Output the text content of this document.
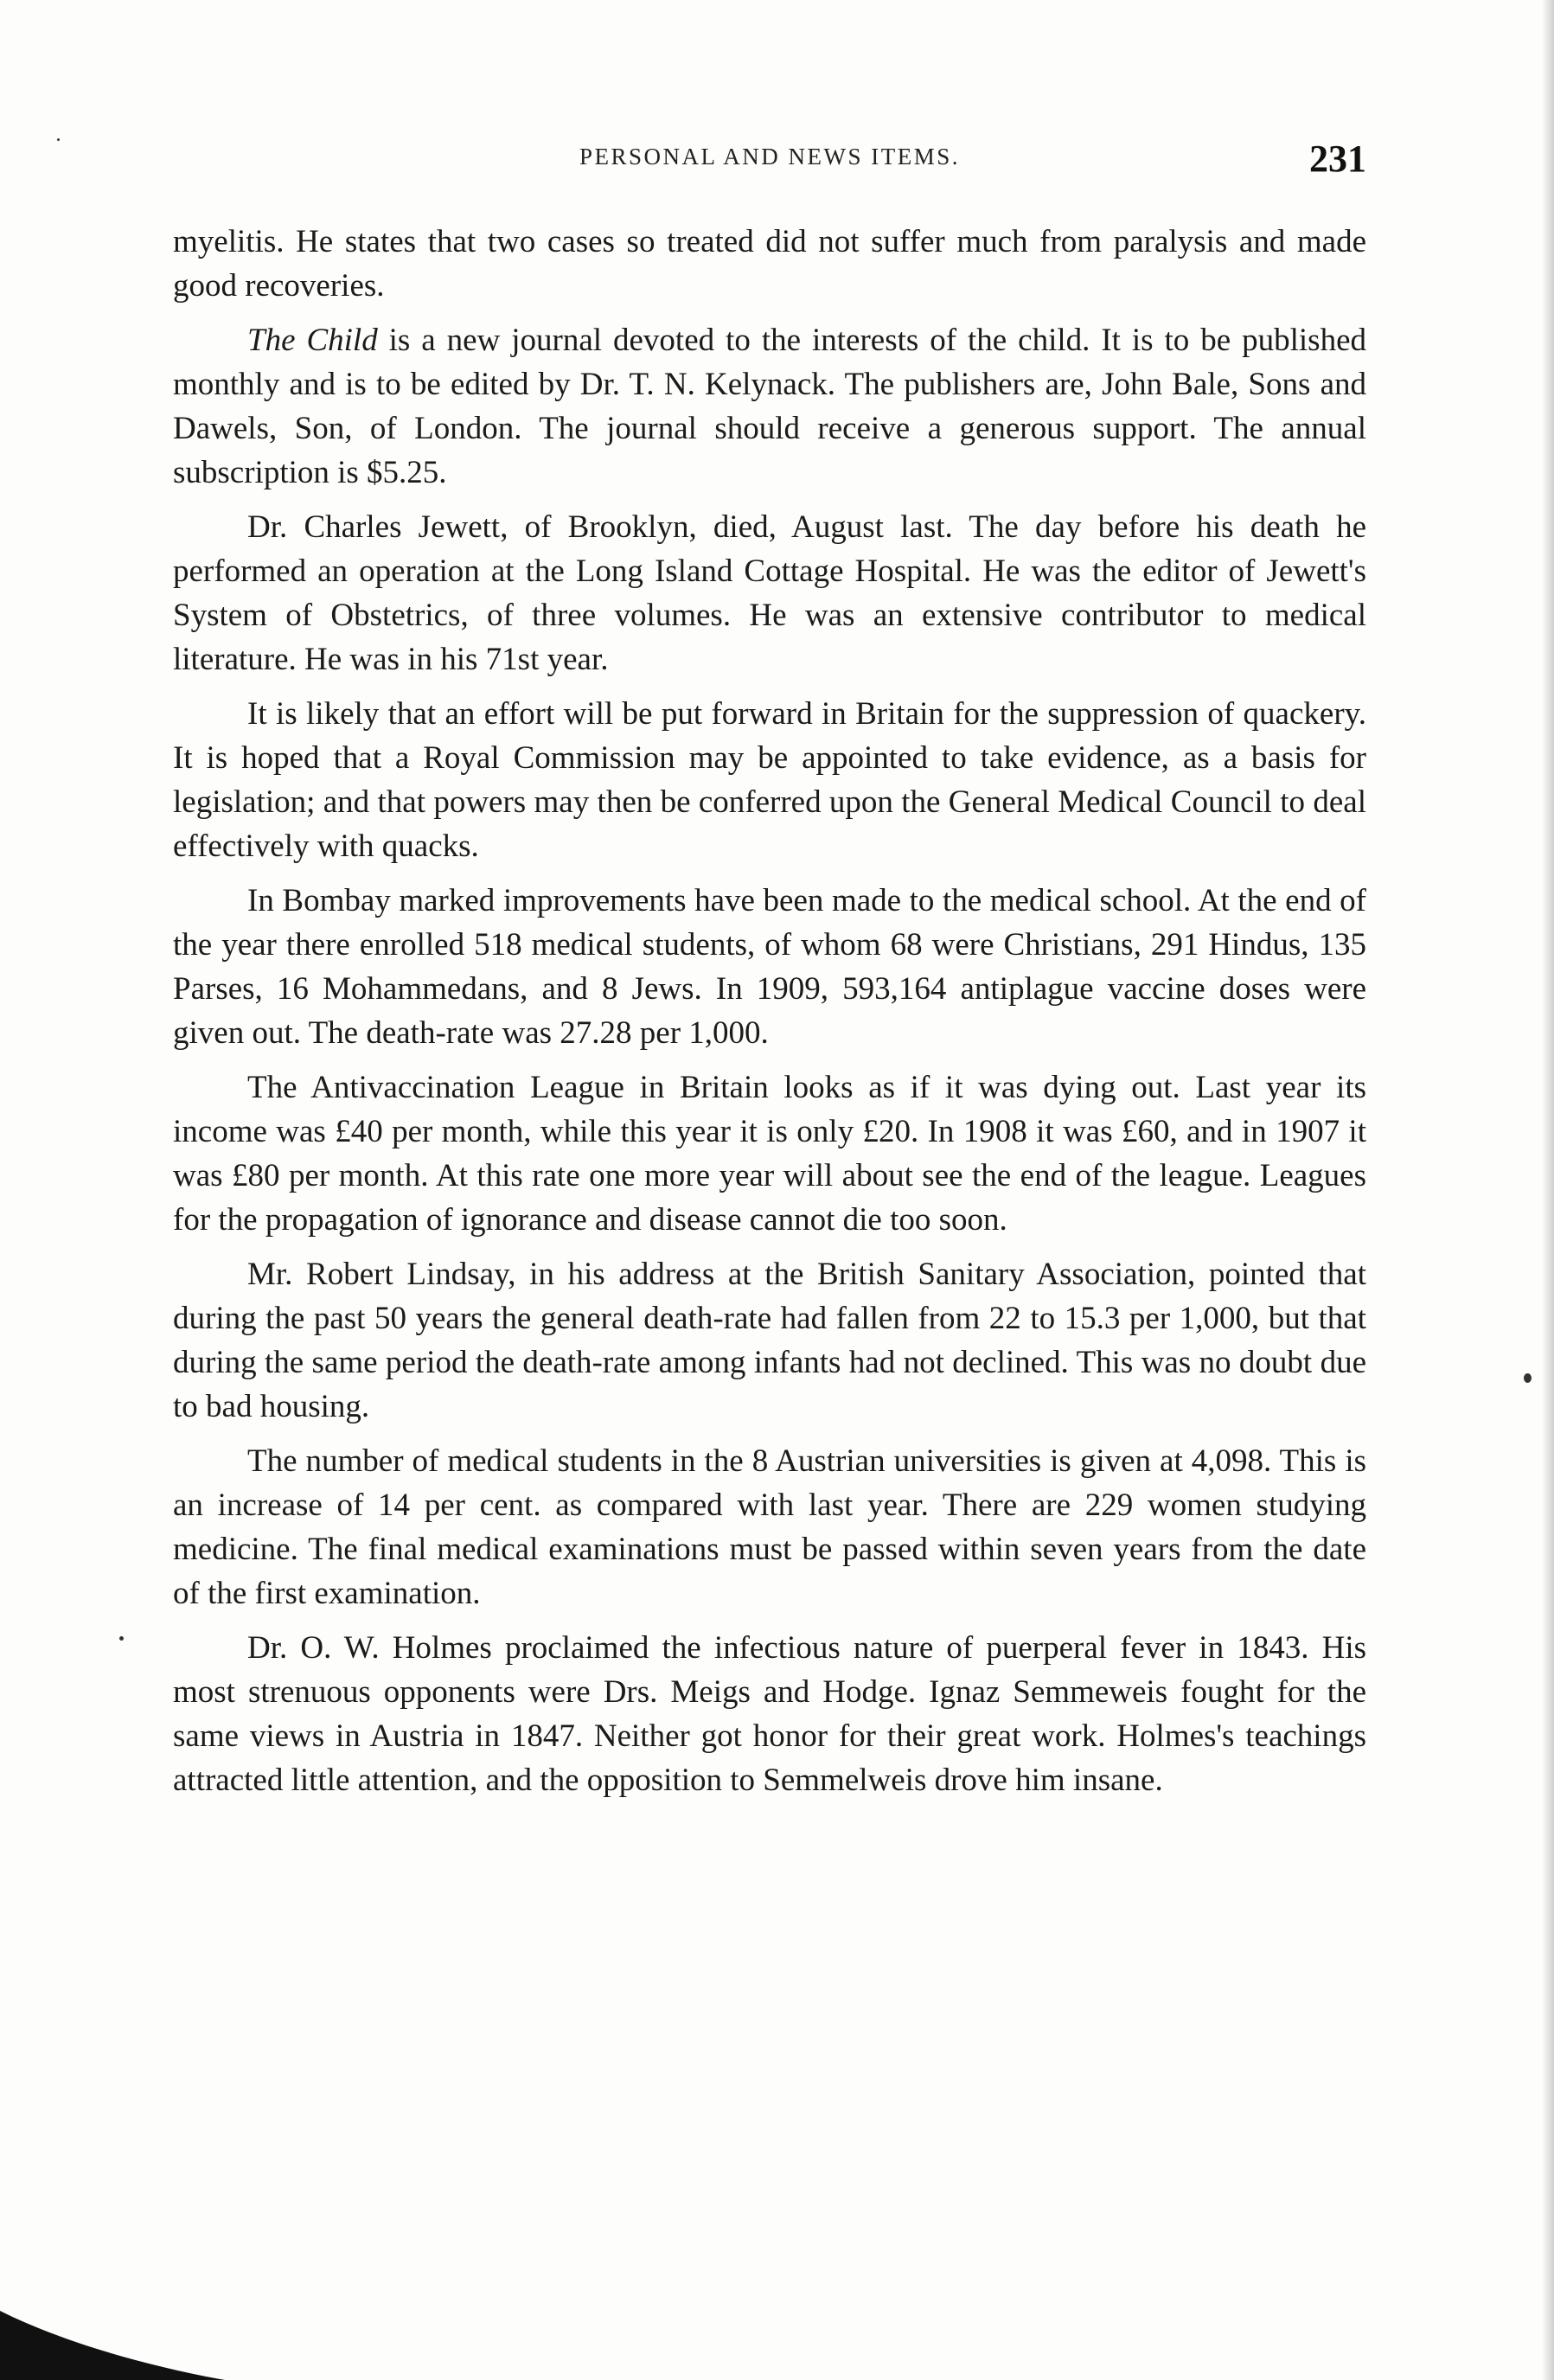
PERSONAL AND NEWS ITEMS.	231

myelitis. He states that two cases so treated did not suffer much from paralysis and made good recoveries.

The Child is a new journal devoted to the interests of the child. It is to be published monthly and is to be edited by Dr. T. N. Kelynack. The publishers are, John Bale, Sons and Dawels, Son, of London. The journal should receive a generous support. The annual subscription is $5.25.

Dr. Charles Jewett, of Brooklyn, died, August last. The day before his death he performed an operation at the Long Island Cottage Hospital. He was the editor of Jewett's System of Obstetrics, of three volumes. He was an extensive contributor to medical literature. He was in his 71st year.

It is likely that an effort will be put forward in Britain for the suppression of quackery. It is hoped that a Royal Commission may be appointed to take evidence, as a basis for legislation; and that powers may then be conferred upon the General Medical Council to deal effectively with quacks.

In Bombay marked improvements have been made to the medical school. At the end of the year there enrolled 518 medical students, of whom 68 were Christians, 291 Hindus, 135 Parses, 16 Mohammedans, and 8 Jews. In 1909, 593,164 antiplague vaccine doses were given out. The death-rate was 27.28 per 1,000.

The Antivaccination League in Britain looks as if it was dying out. Last year its income was £40 per month, while this year it is only £20. In 1908 it was £60, and in 1907 it was £80 per month. At this rate one more year will about see the end of the league. Leagues for the propagation of ignorance and disease cannot die too soon.

Mr. Robert Lindsay, in his address at the British Sanitary Association, pointed that during the past 50 years the general death-rate had fallen from 22 to 15.3 per 1,000, but that during the same period the death-rate among infants had not declined. This was no doubt due to bad housing.

The number of medical students in the 8 Austrian universities is given at 4,098. This is an increase of 14 per cent. as compared with last year. There are 229 women studying medicine. The final medical examinations must be passed within seven years from the date of the first examination.

Dr. O. W. Holmes proclaimed the infectious nature of puerperal fever in 1843. His most strenuous opponents were Drs. Meigs and Hodge. Ignaz Semmeweis fought for the same views in Austria in 1847. Neither got honor for their great work. Holmes's teachings attracted little attention, and the opposition to Semmelweis drove him insane.
